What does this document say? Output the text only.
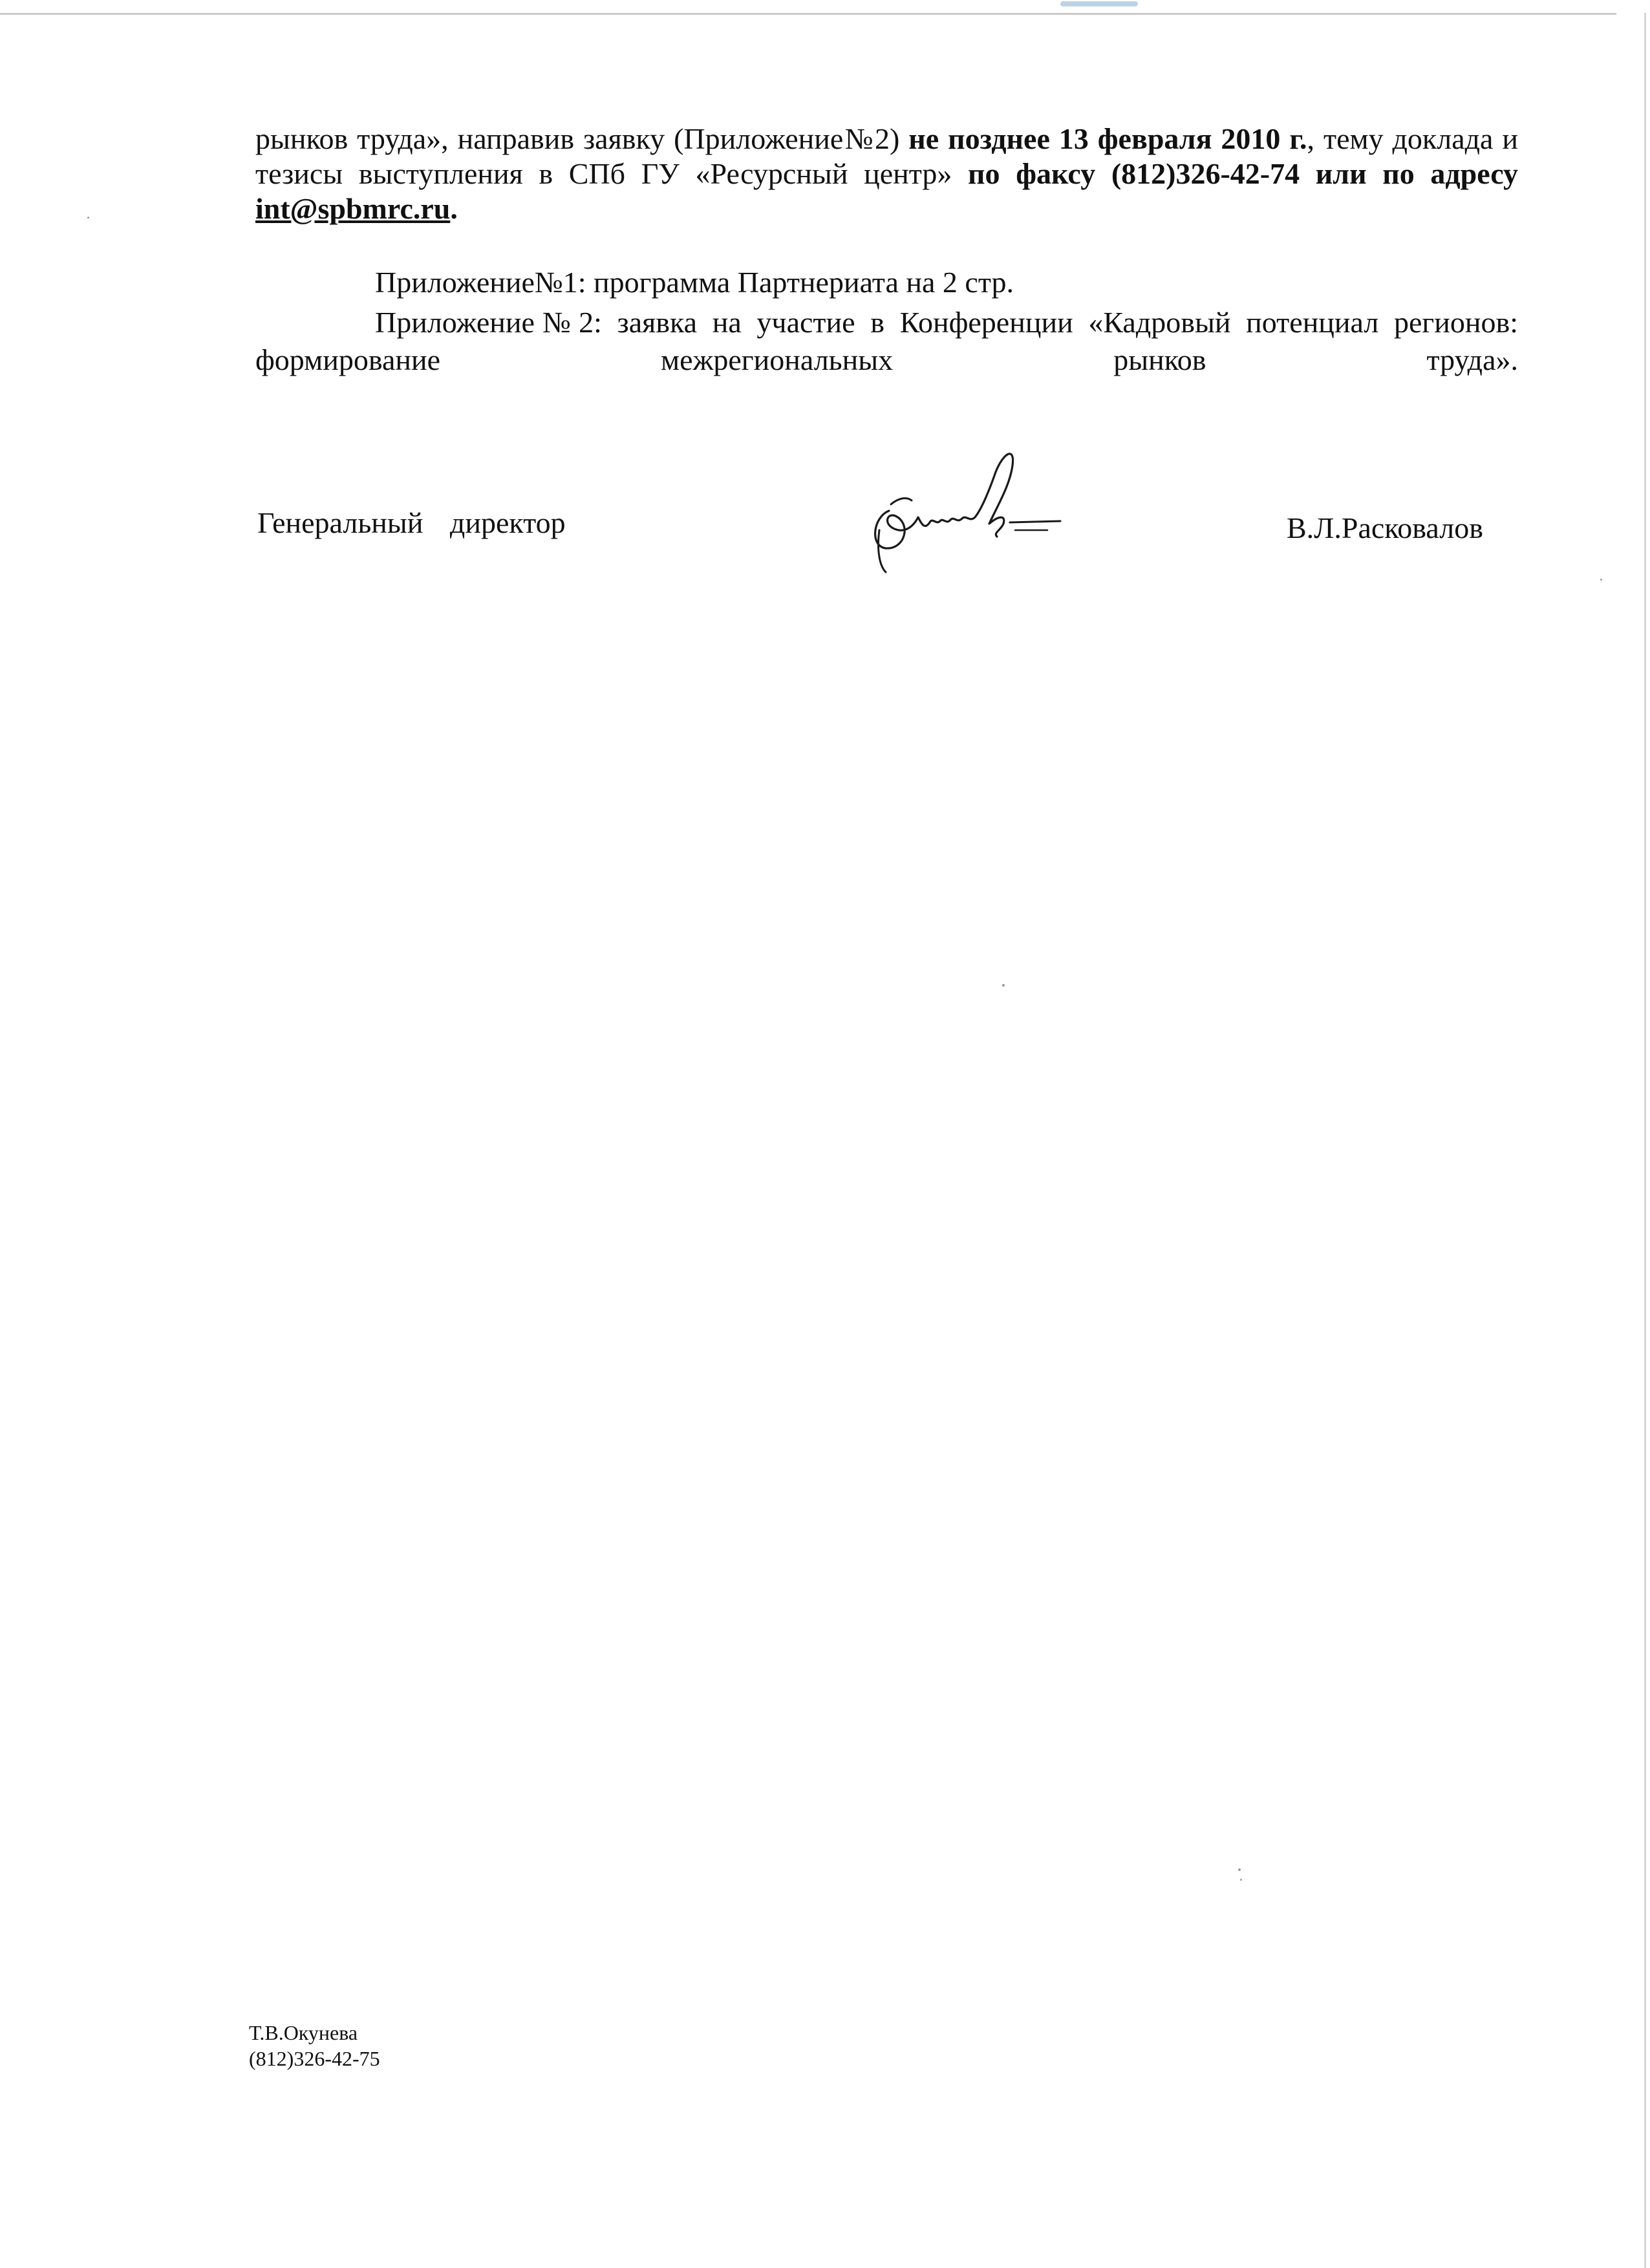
рынков труда», направив заявку (Приложение№2) не позднее 13 февраля 2010 г., тему доклада и тезисы выступления в СПб ГУ «Ресурсный центр» по факсу (812)326-42-74 или по адресу int@spbmrc.ru.

Приложение№1: программа Партнериата на 2 стр.
Приложение№2: заявка на участие в Конференции «Кадровый потенциал регионов: формирование межрегиональных рынков труда».
Генеральный директор	В.Л.Расковалов
Т.В.Окунева
(812)326-42-75
